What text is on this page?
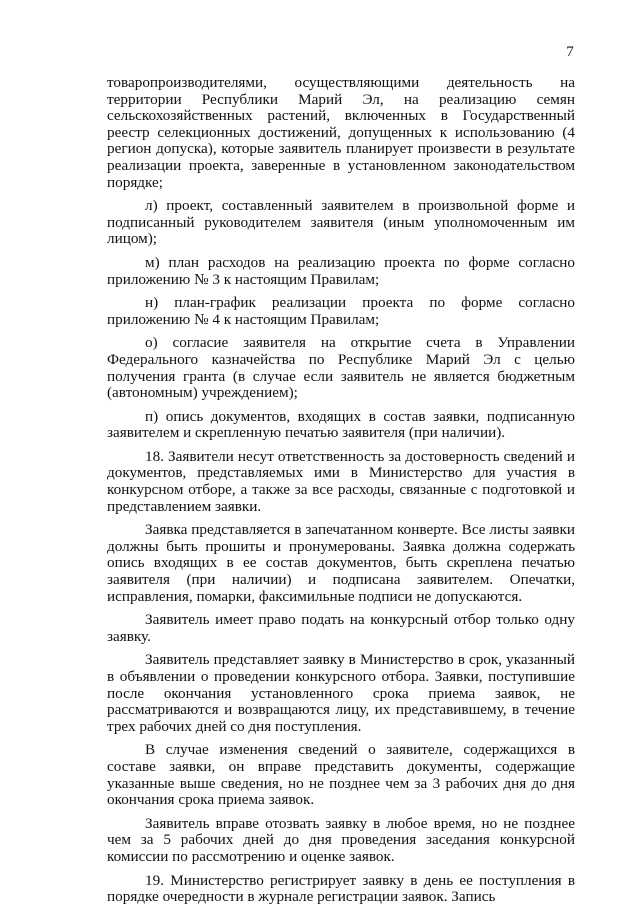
7

товаропроизводителями, осуществляющими деятельность на территории Республики Марий Эл, на реализацию семян сельскохозяйственных растений, включенных в Государственный реестр селекционных достижений, допущенных к использованию (4 регион допуска), которые заявитель планирует произвести в результате реализации проекта, заверенные в установленном законодательством порядке;

л) проект, составленный заявителем в произвольной форме и подписанный руководителем заявителя (иным уполномоченным им лицом);

м) план расходов на реализацию проекта по форме согласно приложению № 3 к настоящим Правилам;

н) план-график реализации проекта по форме согласно приложению № 4 к настоящим Правилам;

о) согласие заявителя на открытие счета в Управлении Федерального казначейства по Республике Марий Эл с целью получения гранта (в случае если заявитель не является бюджетным (автономным) учреждением);

п) опись документов, входящих в состав заявки, подписанную заявителем и скрепленную печатью заявителя (при наличии).

18. Заявители несут ответственность за достоверность сведений и документов, представляемых ими в Министерство для участия в конкурсном отборе, а также за все расходы, связанные с подготовкой и представлением заявки.

Заявка представляется в запечатанном конверте. Все листы заявки должны быть прошиты и пронумерованы. Заявка должна содержать опись входящих в ее состав документов, быть скреплена печатью заявителя (при наличии) и подписана заявителем. Опечатки, исправления, помарки, факсимильные подписи не допускаются.

Заявитель имеет право подать на конкурсный отбор только одну заявку.

Заявитель представляет заявку в Министерство в срок, указанный в объявлении о проведении конкурсного отбора. Заявки, поступившие после окончания установленного срока приема заявок, не рассматриваются и возвращаются лицу, их представившему, в течение трех рабочих дней со дня поступления.

В случае изменения сведений о заявителе, содержащихся в составе заявки, он вправе представить документы, содержащие указанные выше сведения, но не позднее чем за 3 рабочих дня до дня окончания срока приема заявок.

Заявитель вправе отозвать заявку в любое время, но не позднее чем за 5 рабочих дней до дня проведения заседания конкурсной комиссии по рассмотрению и оценке заявок.

19. Министерство регистрирует заявку в день ее поступления в порядке очередности в журнале регистрации заявок. Запись
